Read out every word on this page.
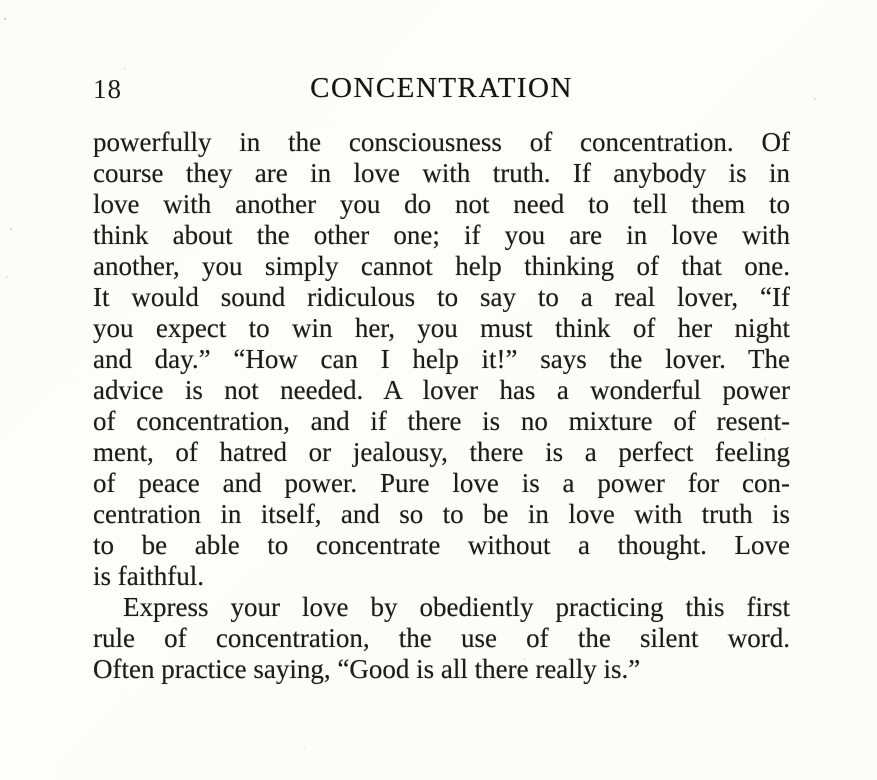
18	CONCENTRATION
powerfully in the consciousness of concentration. Of
course they are in love with truth. If anybody is in
love with another you do not need to tell them to
think about the other one; if you are in love with
another, you simply cannot help thinking of that one.
It would sound ridiculous to say to a real lover, “If
you expect to win her, you must think of her night
and day.” “How can I help it!” says the lover. The
advice is not needed. A lover has a wonderful power
of concentration, and if there is no mixture of resent-
ment, of hatred or jealousy, there is a perfect feeling
of peace and power. Pure love is a power for con-
centration in itself, and so to be in love with truth is
to be able to concentrate without a thought. Love
is faithful.
Express your love by obediently practicing this first
rule of concentration, the use of the silent word.
Often practice saying, “Good is all there really is.”
